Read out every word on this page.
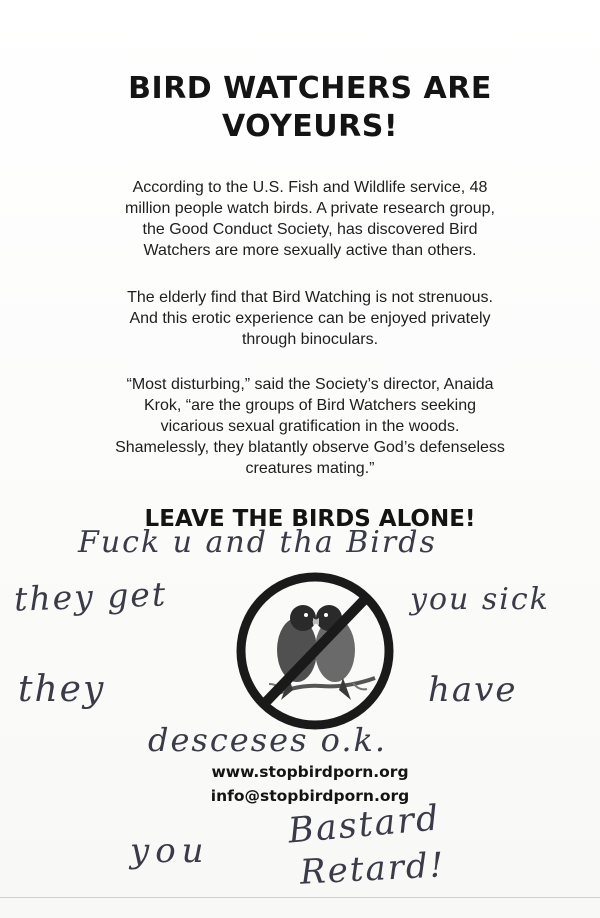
BIRD WATCHERS ARE
VOYEURS!

According to the U.S. Fish and Wildlife service, 48
million people watch birds. A private research group,
the Good Conduct Society, has discovered Bird
Watchers are more sexually active than others.

The elderly find that Bird Watching is not strenuous.
And this erotic experience can be enjoyed privately
through binoculars.

“Most disturbing,” said the Society’s director, Anaida
Krok, “are the groups of Bird Watchers seeking
vicarious sexual gratification in the woods.
Shamelessly, they blatantly observe God’s defenseless
creatures mating.”

LEAVE THE BIRDS ALONE!

www.stopbirdporn.org

info@stopbirdporn.org

Fuck u and tha Birds

they get	you sick

they	have

desceses o.k.

you Bastard

Retard!
